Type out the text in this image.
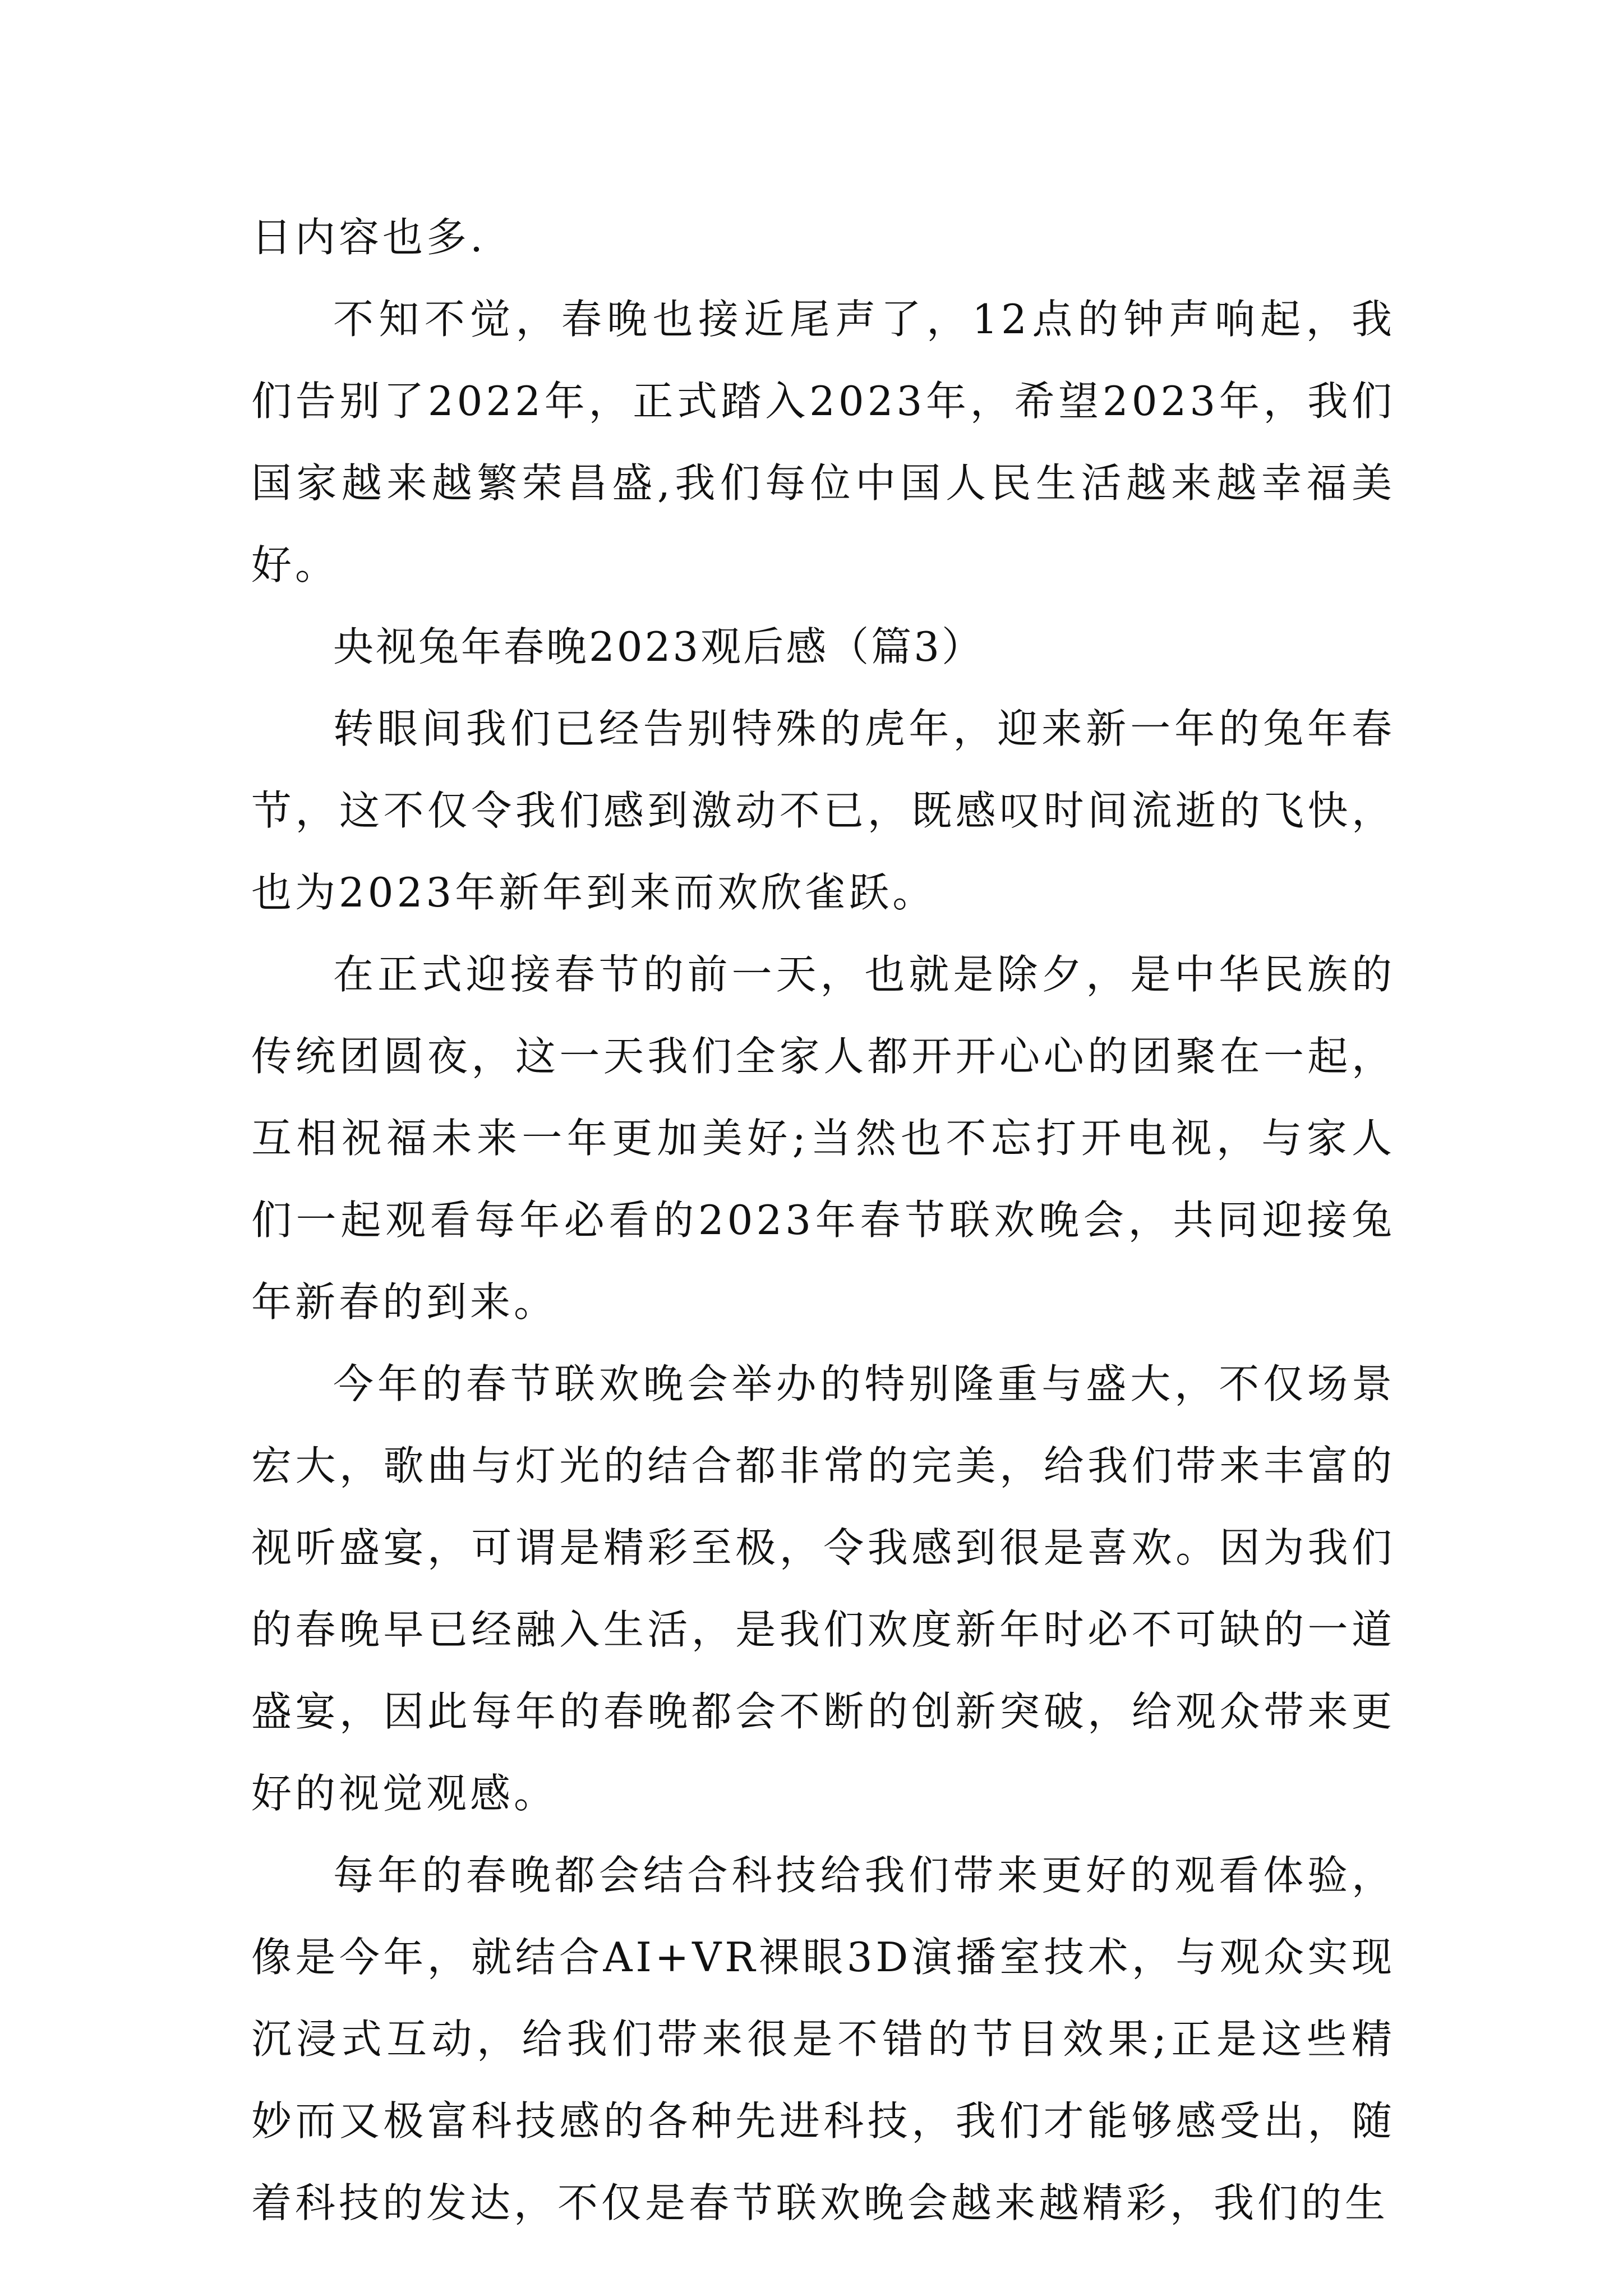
日内容也多.

不知不觉，春晚也接近尾声了，12点的钟声响起，我们告别了2022年，正式踏入2023年，希望2023年，我们国家越来越繁荣昌盛,我们每位中国人民生活越来越幸福美好。

央视兔年春晚2023观后感（篇3）

转眼间我们已经告别特殊的虎年，迎来新一年的兔年春节，这不仅令我们感到激动不已，既感叹时间流逝的飞快，也为2023年新年到来而欢欣雀跃。

在正式迎接春节的前一天，也就是除夕，是中华民族的传统团圆夜，这一天我们全家人都开开心心的团聚在一起，互相祝福未来一年更加美好;当然也不忘打开电视，与家人们一起观看每年必看的2023年春节联欢晚会，共同迎接兔年新春的到来。

今年的春节联欢晚会举办的特别隆重与盛大，不仅场景宏大，歌曲与灯光的结合都非常的完美，给我们带来丰富的视听盛宴，可谓是精彩至极，令我感到很是喜欢。因为我们的春晚早已经融入生活，是我们欢度新年时必不可缺的一道盛宴，因此每年的春晚都会不断的创新突破，给观众带来更好的视觉观感。

每年的春晚都会结合科技给我们带来更好的观看体验，像是今年，就结合AI+VR裸眼3D演播室技术，与观众实现沉浸式互动，给我们带来很是不错的节目效果;正是这些精妙而又极富科技感的各种先进科技，我们才能够感受出，随着科技的发达，不仅是春节联欢晚会越来越精彩，我们的生
